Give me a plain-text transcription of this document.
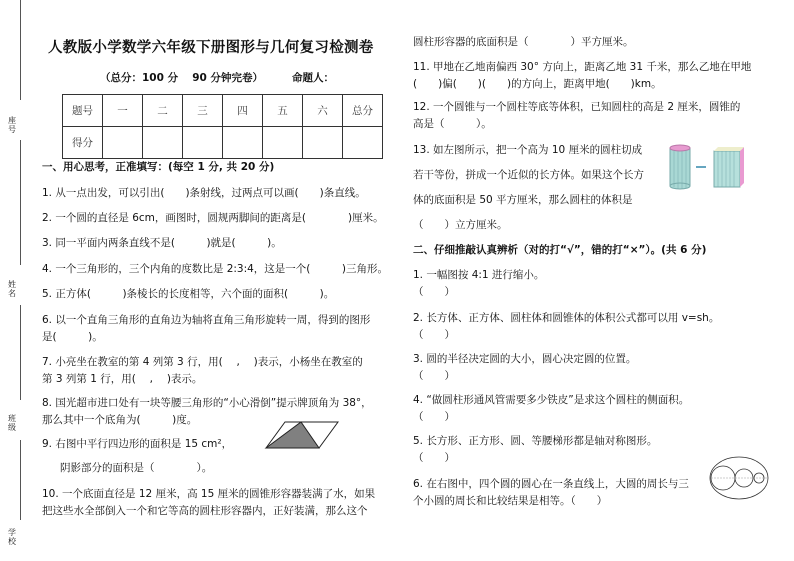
座号
姓名
班级
学校
人教版小学数学六年级下册图形与几何复习检测卷
（总分：100 分　 90 分钟完卷）	命题人：
题号	一	二	三	四	五	六	总分
得分							
一、用心思考，正准填写：(每空 1 分, 共 20 分)
1. 从一点出发，可以引出(　　)条射线，过两点可以画(　　)条直线。
2. 一个圆的直径是 6cm，画图时，圆规两脚间的距离是(　　　　)厘米。
3. 同一平面内两条直线不是(　　　)就是(　　　)。
4. 一个三角形的，三个内角的度数比是 2:3:4，这是一个(　　　)三角形。
5. 正方体(　　　)条棱长的长度相等，六个面的面积(　　　)。
6. 以一个直角三角形的直角边为轴将直角三角形旋转一周，得到的图形
是(　　　)。
7. 小亮坐在教室的第 4 列第 3 行，用(　 ,　 )表示，小杨坐在教室的
第 3 列第 1 行，用(　 ,　 )表示。
8. 国光超市进口处有一块等腰三角形的“小心滑倒”提示牌顶角为 38°，
那么其中一个底角为(　　　)度。
9. 右图中平行四边形的面积是 15 cm²，
阴影部分的面积是（　　　　）。
10. 一个底面直径是 12 厘米，高 15 厘米的圆锥形容器装满了水，如果
把这些水全部倒入一个和它等高的圆柱形容器内，正好装满，那么这个
圆柱形容器的底面积是（　　　　）平方厘米。
11. 甲地在乙地南偏西 30° 方向上，距离乙地 31 千米，那么乙地在甲地
(　　)偏(　　)(　　)的方向上，距离甲地(　　)km。
12. 一个圆锥与一个圆柱等底等体积，已知圆柱的高是 2 厘米，圆锥的
高是（　　　）。
13. 如左图所示，把一个高为 10 厘米的圆柱切成
若干等份，拼成一个近似的长方体。如果这个长方
体的底面积是 50 平方厘米，那么圆柱的体积是
（　　）立方厘米。
二、仔细推敲认真辨析（对的打“√”，错的打“×”）。(共 6 分)
1. 一幅图按 4:1 进行缩小。
（　　）
2. 长方体、正方体、圆柱体和圆锥体的体积公式都可以用 v=sh。
（　　）
3. 圆的半径决定圆的大小，圆心决定圆的位置。
（　　）
4. “做圆柱形通风管需要多少铁皮”是求这个圆柱的侧面积。
（　　）
5. 长方形、正方形、圆、等腰梯形都是轴对称图形。
（　　）
6. 在右图中，四个圆的圆心在一条直线上，大圆的周长与三
个小圆的周长和比较结果是相等。（　　）
